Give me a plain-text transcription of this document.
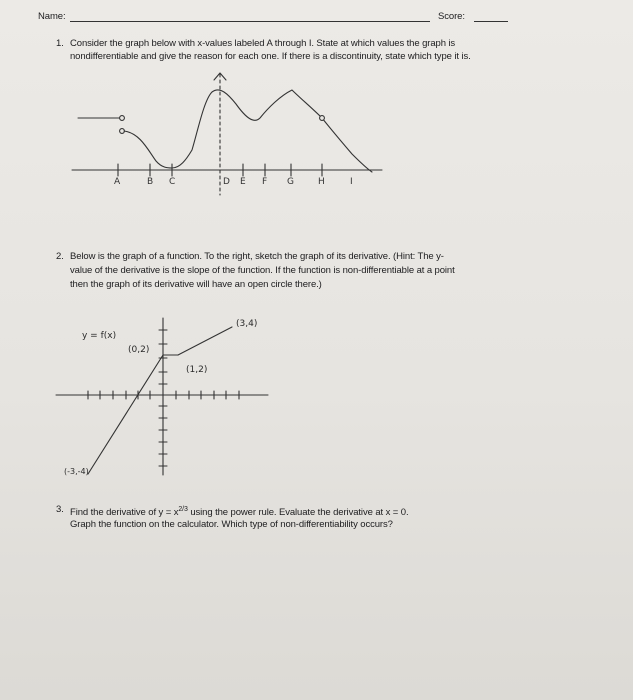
Name:	Score:
1. Consider the graph below with x-values labeled A through I. State at which values the graph is
nondifferentiable and give the reason for each one. If there is a discontinuity, state which type it is.
A	B C	D E F G	H	I
y = f(x)
(0,2)
(1,2)
(3,4)
(-3,-4)
2. Below is the graph of a function. To the right, sketch the graph of its derivative. (Hint: The y-
value of the derivative is the slope of the function. If the function is non-differentiable at a point
then the graph of its derivative will have an open circle there.)
3. Find the derivative of $y = x^{2/3}$ using the power rule. Evaluate the derivative at x = 0.
Graph the function on the calculator. Which type of non-differentiability occurs?
